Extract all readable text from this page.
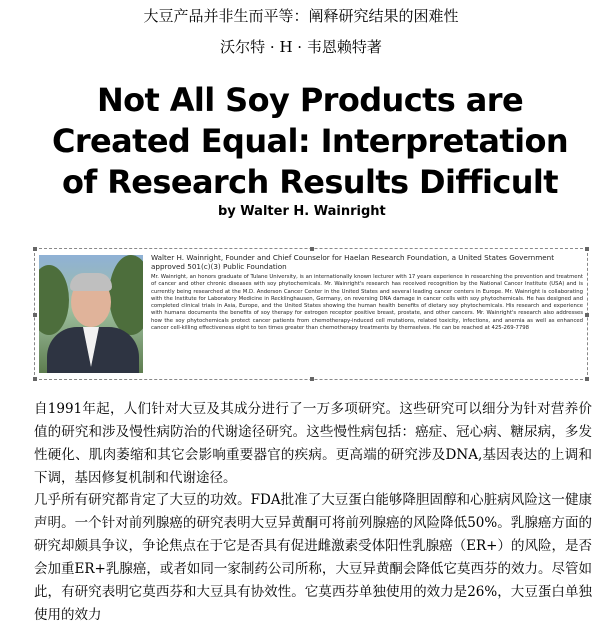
大豆产品并非生而平等：阐释研究结果的困难性
沃尔特 · H · 韦恩赖特著
Not All Soy Products are Created Equal: Interpretation of Research Results Difficult
by Walter H. Wainright

Walter H. Wainright, Founder and Chief Counselor for Haelan Research Foundation, a United States Government approved 501(c)(3) Public Foundation

Mr. Wainright, an honors graduate of Tulane University, is an internationally known lecturer with 17 years experience in researching the prevention and treatment of cancer and other chronic diseases with soy phytochemicals. Mr. Wainright's research has received recognition by the National Cancer Institute (USA) and is currently being researched at the M.D. Anderson Cancer Center in the United States and several leading cancer centers in Europe. Mr. Wainright is collaborating with the Institute for Laboratory Medicine in Recklinghausen, Germany, on reversing DNA damage in cancer cells with soy phytochemicals. He has designed and completed clinical trials in Asia, Europe, and the United States showing the human health benefits of dietary soy phytochemicals. His research and experience with humans documents the benefits of soy therapy for estrogen receptor positive breast, prostate, and other cancers. Mr. Wainright's research also addresses how the soy phytochemicals protect cancer patients from chemotherapy-induced cell mutations, related toxicity, infections, and anemia as well as enhanced cancer cell-killing effectiveness eight to ten times greater than chemotherapy treatments by themselves. He can be reached at 425-269-7798

自1991年起，人们针对大豆及其成分进行了一万多项研究。这些研究可以细分为针对营养价值的研究和涉及慢性病防治的代谢途径研究。这些慢性病包括：癌症、冠心病、糖尿病，多发性硬化、肌肉萎缩和其它会影响重要器官的疾病。更高端的研究涉及DNA,基因表达的上调和下调，基因修复机制和代谢途径。

几乎所有研究都肯定了大豆的功效。FDA批准了大豆蛋白能够降胆固醇和心脏病风险这一健康声明。一个针对前列腺癌的研究表明大豆异黄酮可将前列腺癌的风险降低50%。乳腺癌方面的研究却颇具争议，争论焦点在于它是否具有促进雌激素受体阳性乳腺癌（ER+）的风险，是否会加重ER+乳腺癌，或者如同一家制药公司所称，大豆异黄酮会降低它莫西芬的效力。尽管如此，有研究表明它莫西芬和大豆具有协效性。它莫西芬单独使用的效力是26%，大豆蛋白单独使用的效力
